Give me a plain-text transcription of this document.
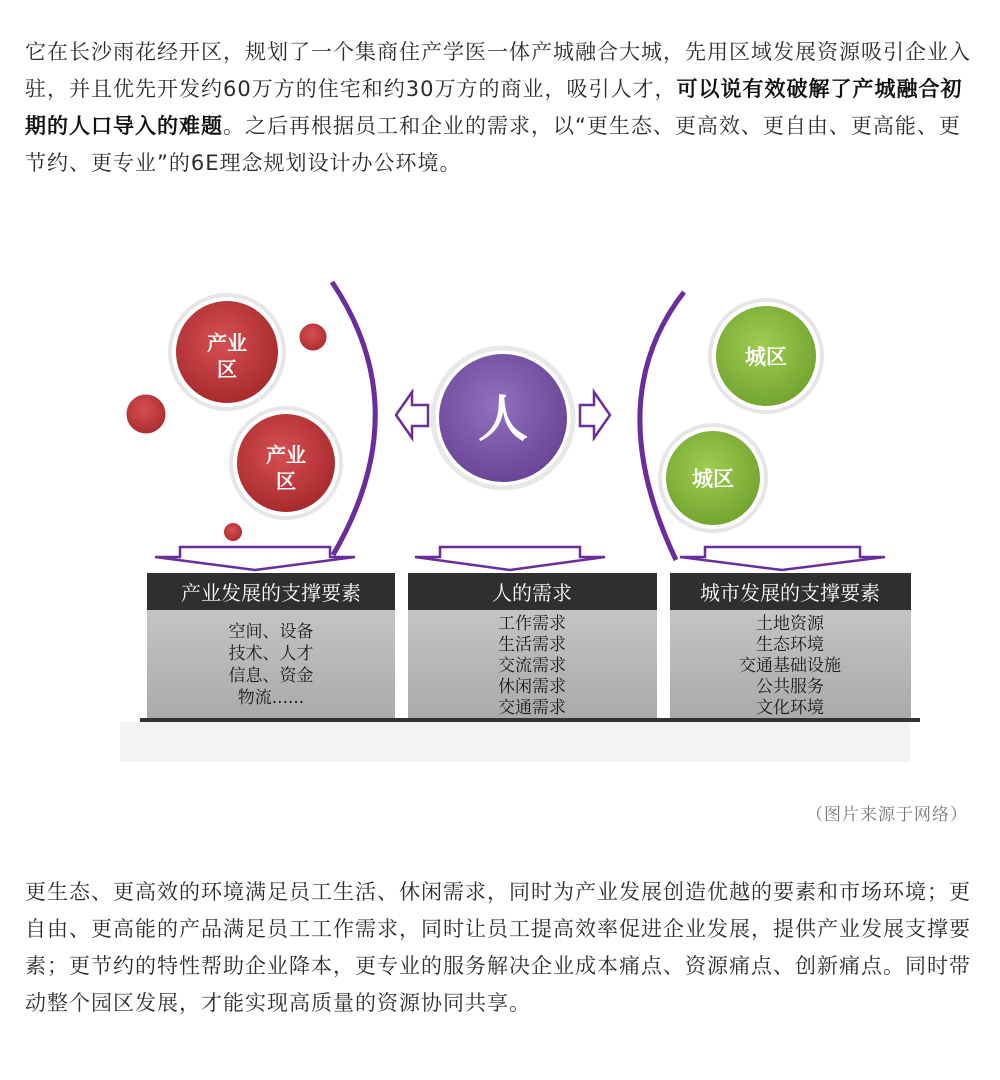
它在长沙雨花经开区，规划了一个集商住产学医一体产城融合大城，先用区域发展资源吸引企业入驻，并且优先开发约60万方的住宅和约30万方的商业，吸引人才，可以说有效破解了产城融合初期的人口导入的难题。之后再根据员工和企业的需求，以“更生态、更高效、更自由、更高能、更节约、更专业”的6E理念规划设计办公环境。

产业
区
产业
区
人
城区
城区
产业发展的支撑要素
空间、设备
技术、人才
信息、资金
物流......
人的需求
工作需求
生活需求
交流需求
休闲需求
交通需求
城市发展的支撑要素
土地资源
生态环境
交通基础设施
公共服务
文化环境
（图片来源于网络）

更生态、更高效的环境满足员工生活、休闲需求，同时为产业发展创造优越的要素和市场环境；更自由、更高能的产品满足员工工作需求，同时让员工提高效率促进企业发展，提供产业发展支撑要素；更节约的特性帮助企业降本，更专业的服务解决企业成本痛点、资源痛点、创新痛点。同时带动整个园区发展，才能实现高质量的资源协同共享。
